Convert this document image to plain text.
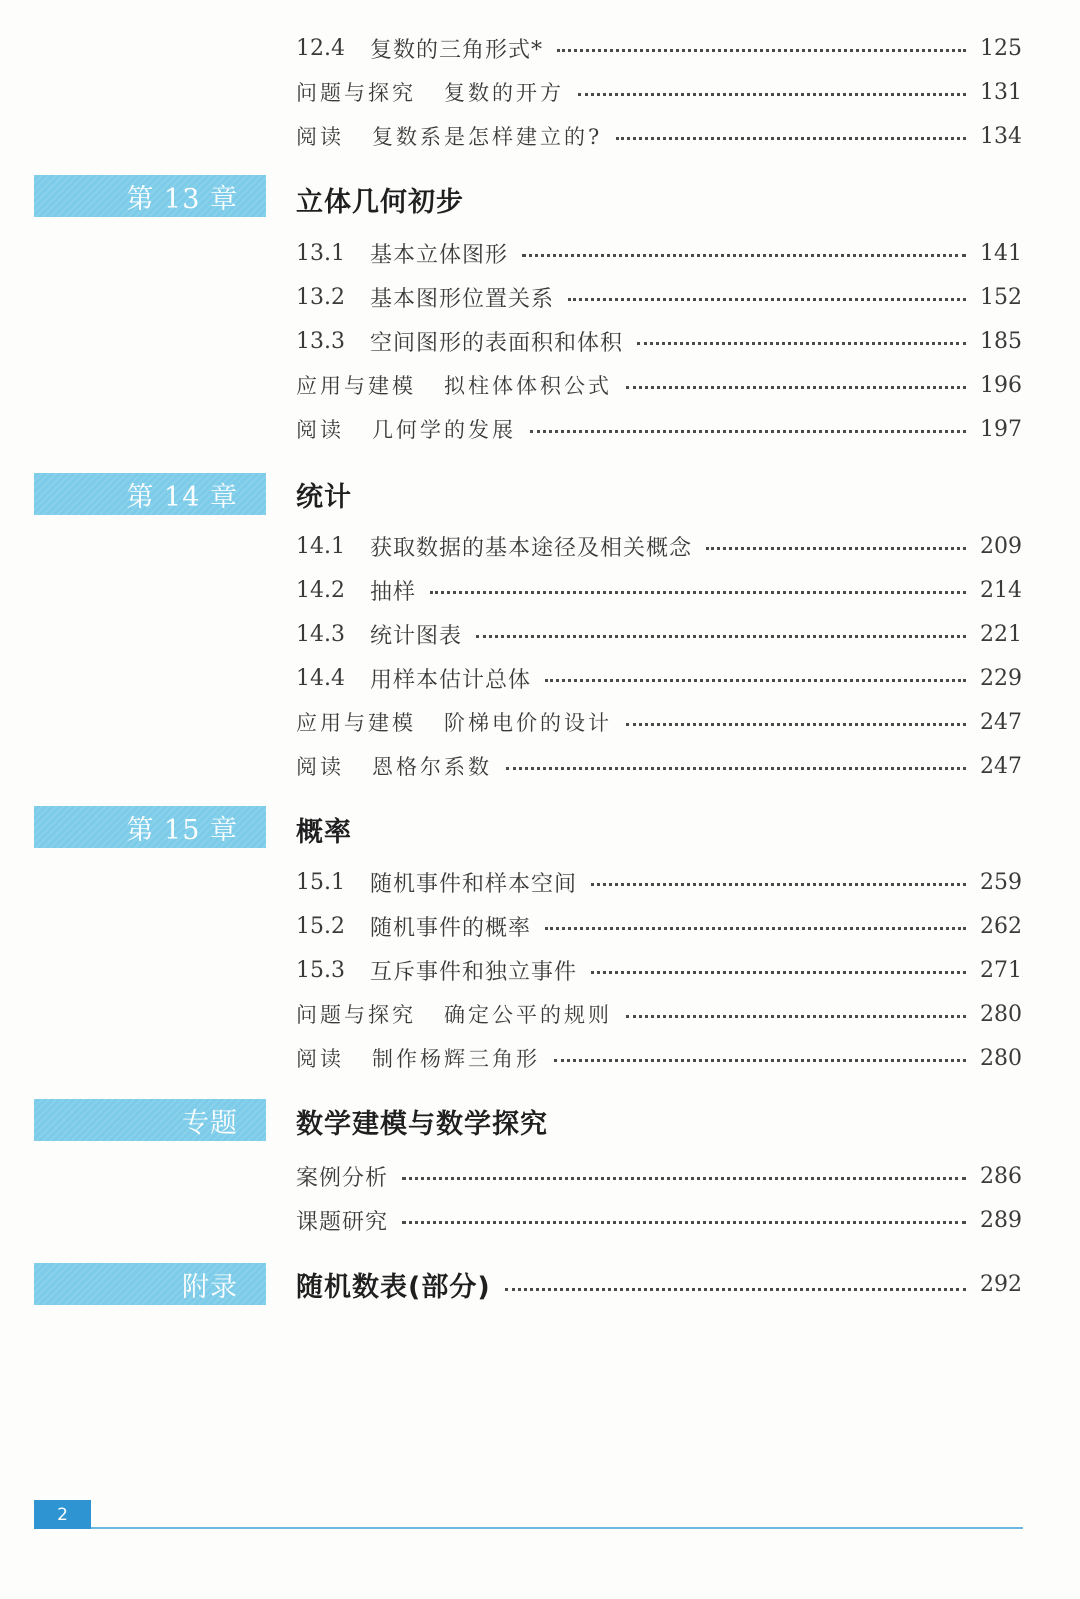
12.4	复数的三角形式*	125
问题与探究 复数的开方	131
阅读 复数系是怎样建立的?	134
第 13 章 立体几何初步
13.1	基本立体图形	141
13.2	基本图形位置关系	152
13.3	空间图形的表面积和体积	185
应用与建模 拟柱体体积公式	196
阅读 几何学的发展	197
第 14 章 统计
14.1	获取数据的基本途径及相关概念	209
14.2	抽样	214
14.3	统计图表	221
14.4	用样本估计总体	229
应用与建模 阶梯电价的设计	247
阅读 恩格尔系数	247
第 15 章 概率
15.1	随机事件和样本空间	259
15.2	随机事件的概率	262
15.3	互斥事件和独立事件	271
问题与探究 确定公平的规则	280
阅读 制作杨辉三角形	280
专题 数学建模与数学探究
案例分析	286
课题研究	289
附录 随机数表(部分)	292
2
